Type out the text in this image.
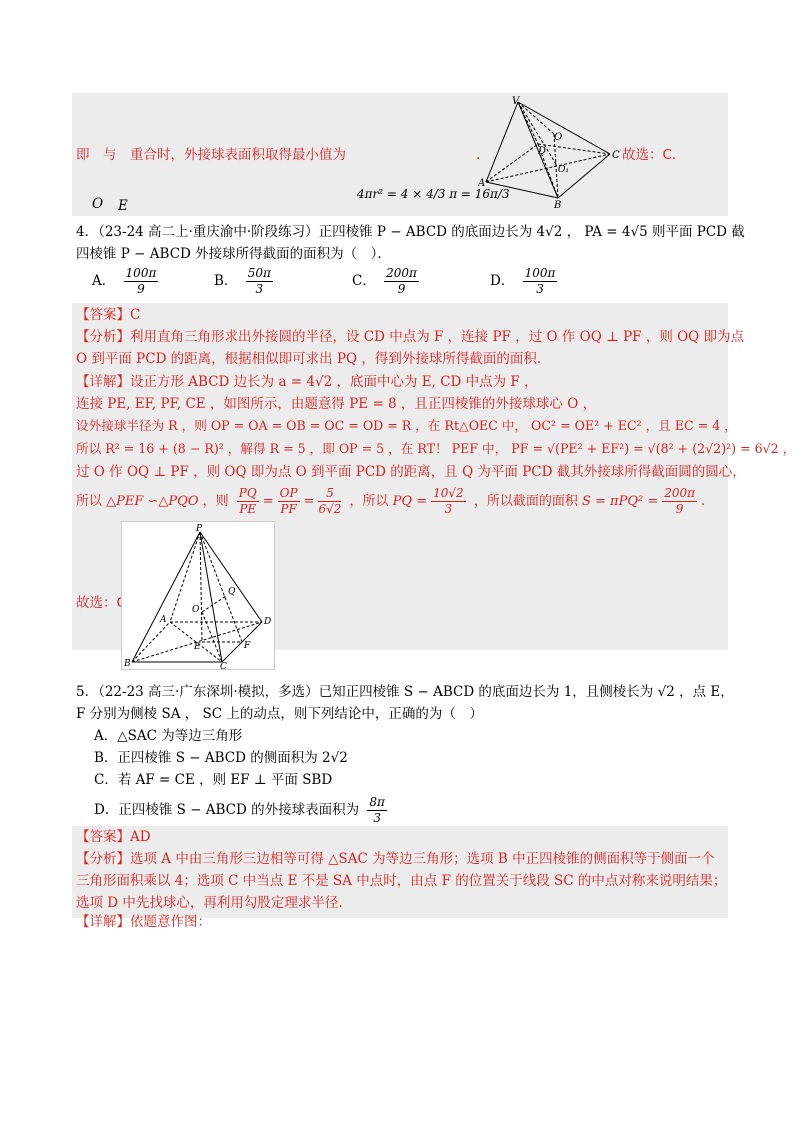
即　与　重合时，外接球表面积取得最小值为	.	故选：C.
O E
4πr² = 4 × 4/3 π = 16π/3
V
O
D
O₁
A
B
C
4．（23-24 高二上·重庆渝中·阶段练习）正四棱锥 P − ABCD 的底面边长为 4√2 ， PA = 4√5 则平面 PCD 截
四棱锥 P − ABCD 外接球所得截面的面积为（　）．
A． $\frac{100\pi}{9}$	B． $\frac{50\pi}{3}$	C． $\frac{200\pi}{9}$	D． $\frac{100\pi}{3}$
【答案】C
【分析】利用直角三角形求出外接圆的半径，设 CD 中点为 F ，连接 PF ，过 O 作 OQ ⊥ PF ，则 OQ 即为点
O 到平面 PCD 的距离，根据相似即可求出 PQ ，得到外接球所得截面的面积.
【详解】设正方形 ABCD 边长为 a = 4√2 ，底面中心为 E, CD 中点为 F ，
连接 PE, EF, PF, CE ，如图所示，由题意得 PE = 8 ，且正四棱锥的外接球球心 O ，
设外接球半径为 R ，则 OP = OA = OB = OC = OD = R ，在 Rt△OEC 中， OC² = OE² + EC² ，且 EC = 4 ，
所以 R² = 16 + (8 − R)² ，解得 R = 5 ，即 OP = 5 ，在 RT！ PEF 中， PF = √(PE² + EF²) = √(8² + (2√2)²) = 6√2 ，
过 O 作 OQ ⊥ PF ，则 OQ 即为点 O 到平面 PCD 的距离，且 Q 为平面 PCD 截其外接球所得截面圆的圆心，
所以 △PEF ∽△PQO ，则 $\frac{PQ}{PE} = \frac{OP}{PF} = \frac{5}{6√2}$ ，所以 PQ = $\frac{10√2}{3}$ ，所以截面的面积 $S = \pi PQ^2 = \frac{200\pi}{9}$ .
故选：C
P
Q
O
A	D
E	F
B	C
5．（22-23 高三·广东深圳·模拟，多选）已知正四棱锥 S − ABCD 的底面边长为 1，且侧棱长为 √2 ，点 E，
F 分别为侧棱 SA ， SC 上的动点，则下列结论中，正确的为（　）
A．△SAC 为等边三角形
B．正四棱锥 S − ABCD 的侧面积为 2√2
C．若 AF = CE ，则 EF ⊥ 平面 SBD
D．正四棱锥 S − ABCD 的外接球表面积为 $\frac{8\pi}{3}$
【答案】AD
【分析】选项 A 中由三角形三边相等可得 △SAC 为等边三角形；选项 B 中正四棱锥的侧面积等于侧面一个
三角形面积乘以 4；选项 C 中当点 E 不是 SA 中点时，由点 F 的位置关于线段 SC 的中点对称来说明结果；
选项 D 中先找球心，再利用勾股定理求半径.
【详解】依题意作图：
